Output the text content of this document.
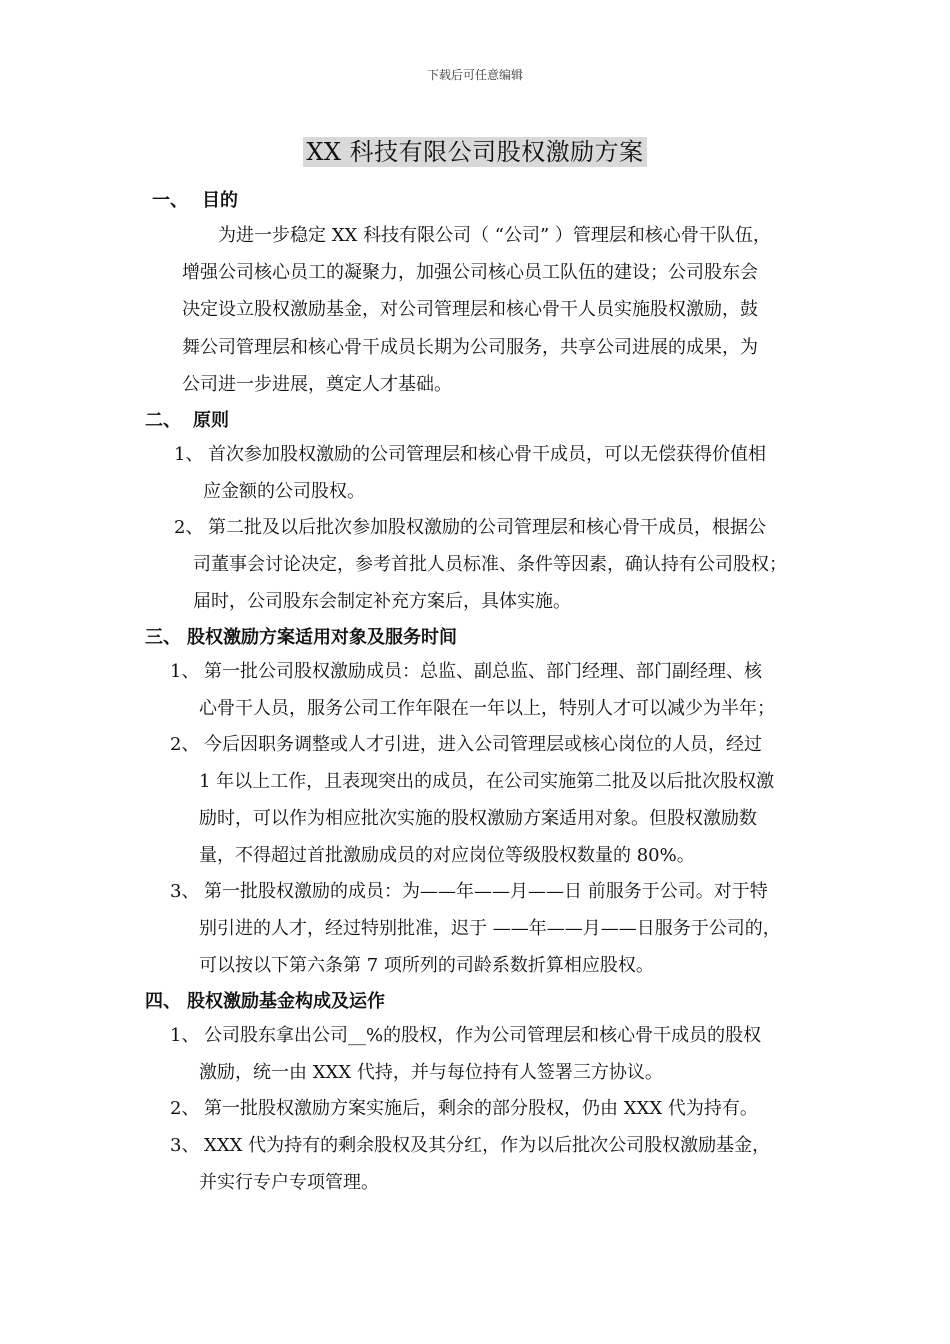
下载后可任意编辑
XX 科技有限公司股权激励方案
一、 目的
为进一步稳定 XX 科技有限公司（ “公司” ）管理层和核心骨干队伍，
增强公司核心员工的凝聚力，加强公司核心员工队伍的建设；公司股东会
决定设立股权激励基金，对公司管理层和核心骨干人员实施股权激励，鼓
舞公司管理层和核心骨干成员长期为公司服务，共享公司进展的成果，为
公司进一步进展，奠定人才基础。
二、 原则
1、 首次参加股权激励的公司管理层和核心骨干成员，可以无偿获得价值相
应金额的公司股权。
2、 第二批及以后批次参加股权激励的公司管理层和核心骨干成员，根据公
司董事会讨论决定，参考首批人员标准、条件等因素，确认持有公司股权；
届时，公司股东会制定补充方案后，具体实施。
三、 股权激励方案适用对象及服务时间
1、 第一批公司股权激励成员：总监、副总监、部门经理、部门副经理、核
心骨干人员，服务公司工作年限在一年以上，特别人才可以减少为半年；
2、 今后因职务调整或人才引进，进入公司管理层或核心岗位的人员，经过
1 年以上工作，且表现突出的成员，在公司实施第二批及以后批次股权激
励时，可以作为相应批次实施的股权激励方案适用对象。但股权激励数
量，不得超过首批激励成员的对应岗位等级股权数量的 80%。
3、 第一批股权激励的成员：为——年——月——日 前服务于公司。对于特
别引进的人才，经过特别批准，迟于 ——年——月——日服务于公司的，
可以按以下第六条第 7 项所列的司龄系数折算相应股权。
四、 股权激励基金构成及运作
1、 公司股东拿出公司__%的股权，作为公司管理层和核心骨干成员的股权
激励，统一由 XXX 代持，并与每位持有人签署三方协议。
2、 第一批股权激励方案实施后，剩余的部分股权，仍由 XXX 代为持有。
3、 XXX 代为持有的剩余股权及其分红，作为以后批次公司股权激励基金，
并实行专户专项管理。
